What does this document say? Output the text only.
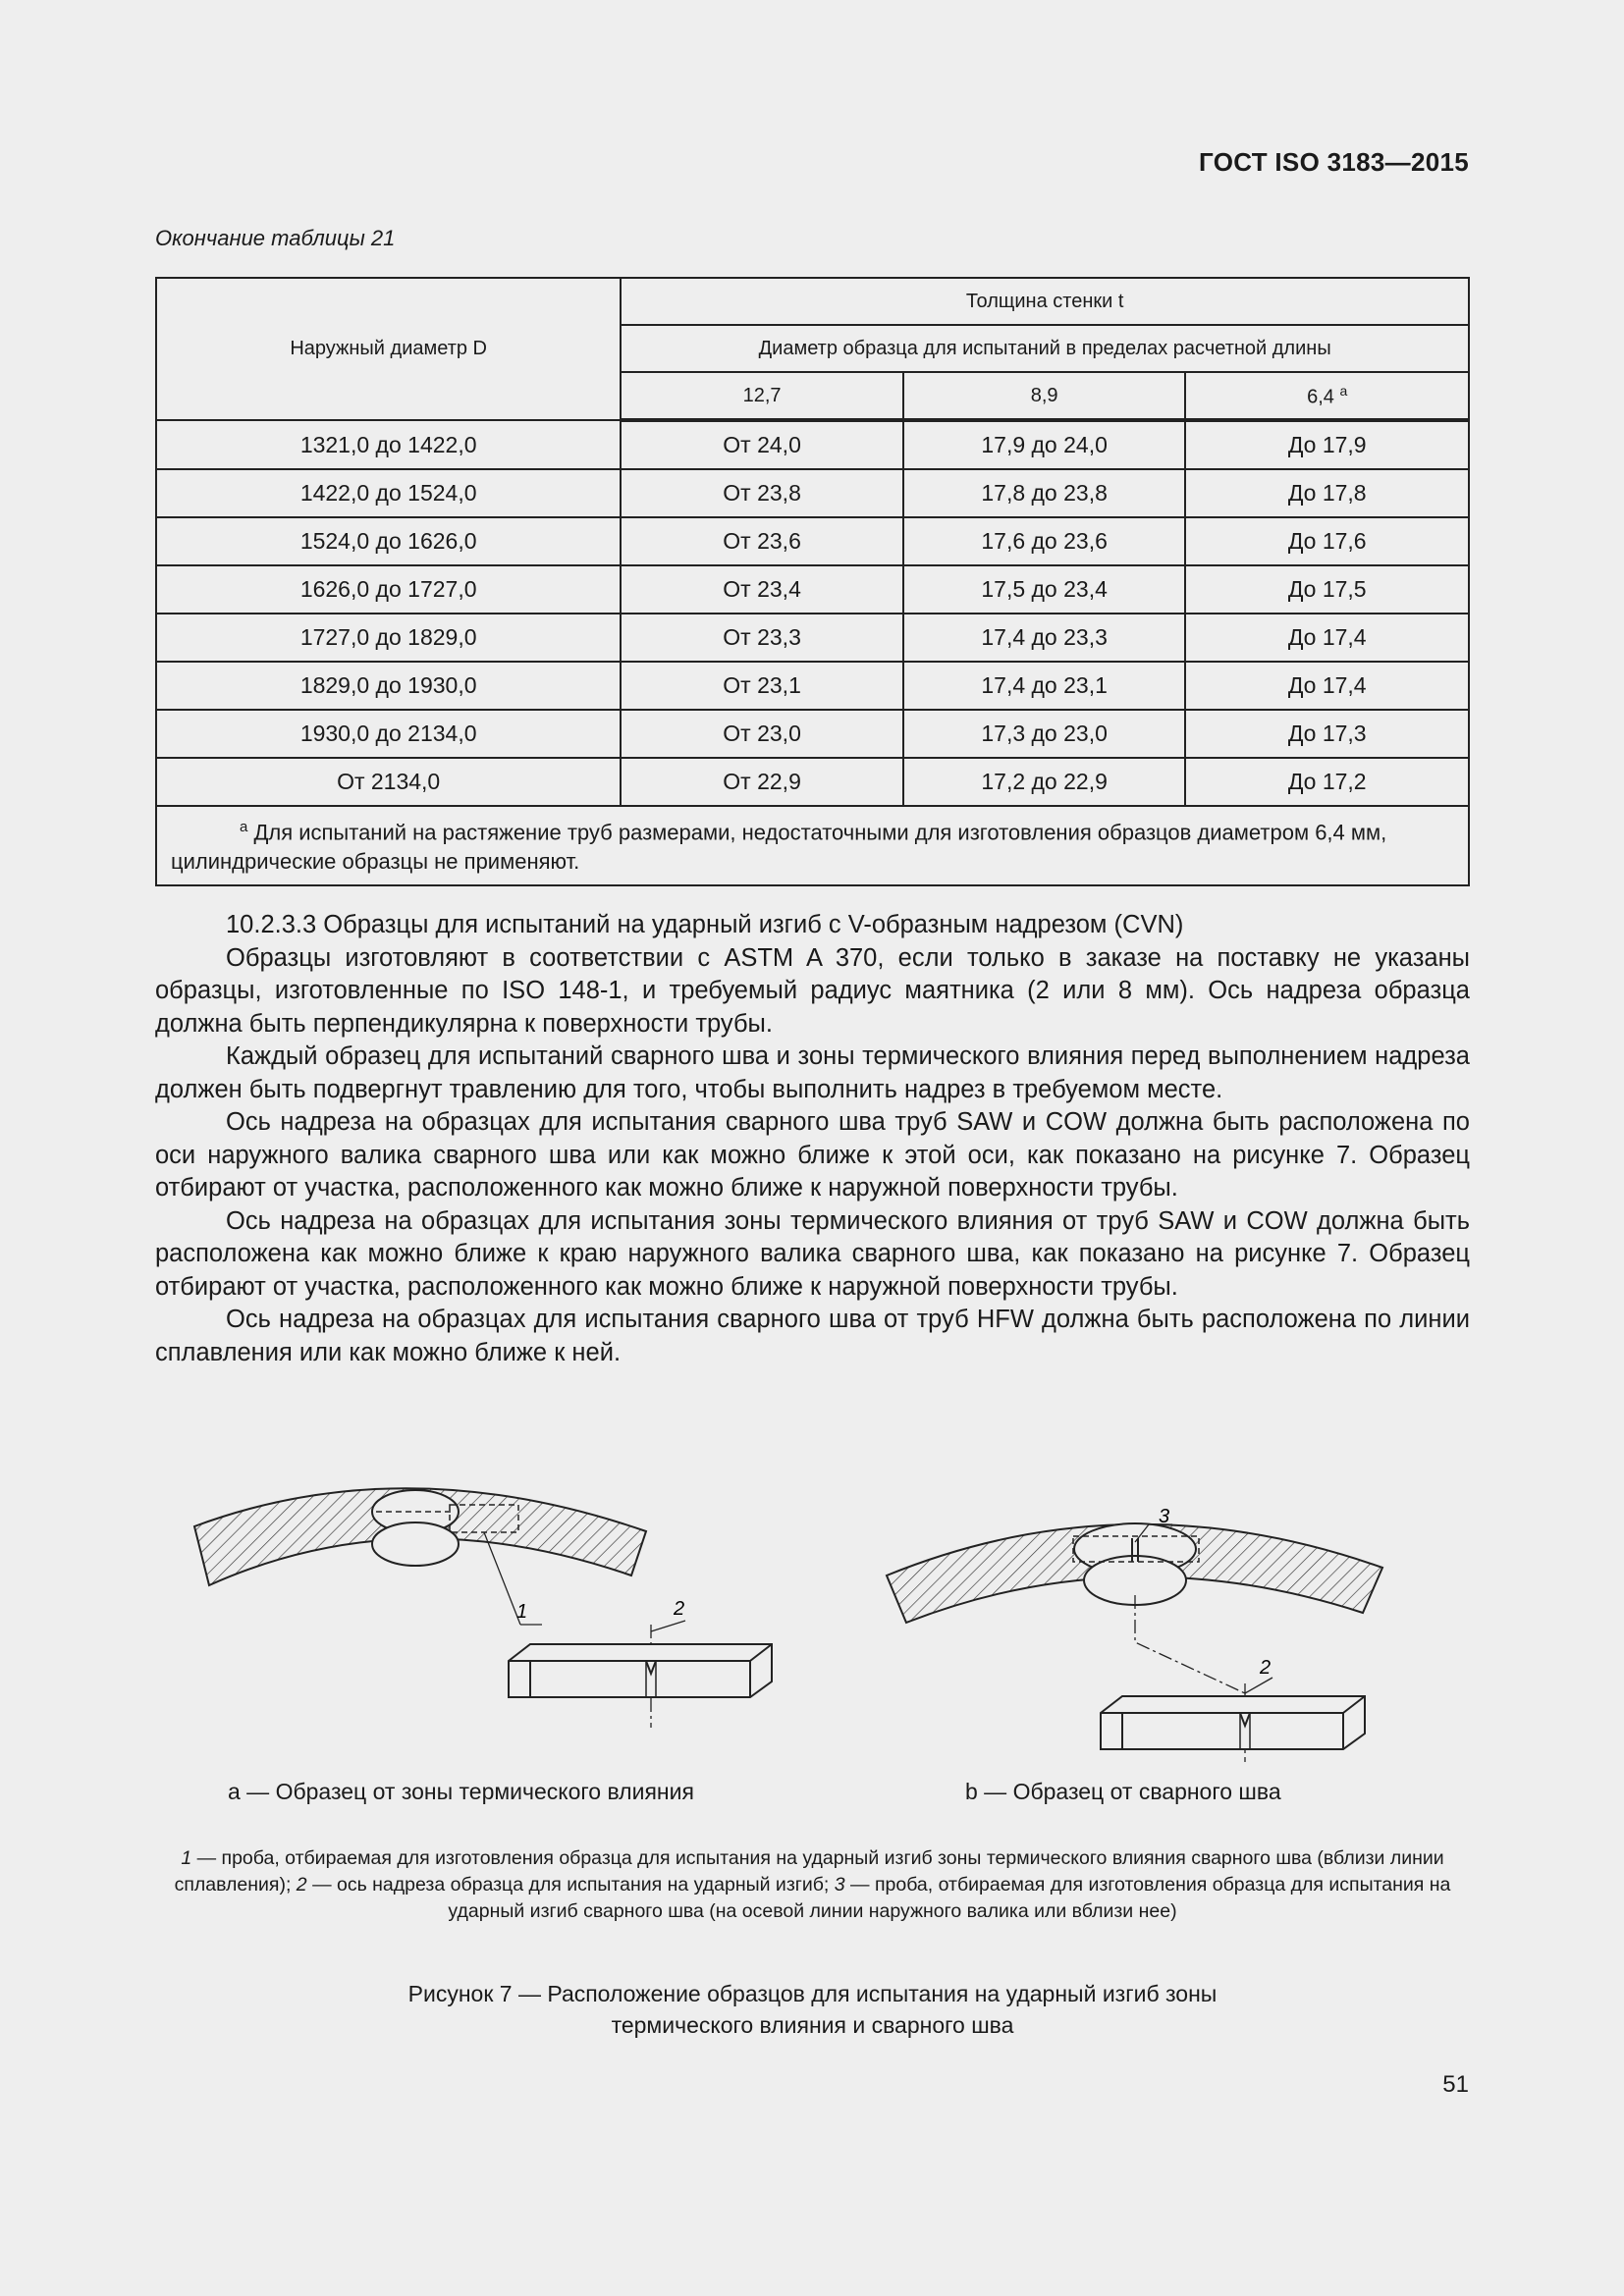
ГОСТ ISO 3183—2015
Окончание таблицы 21
Наружный диаметр D	Толщина стенки t		
	Диаметр образца для испытаний в пределах расчетной длины		
	12,7	8,9	6,4 $^a$
1321,0 до 1422,0	От 24,0	17,9 до 24,0	До 17,9
1422,0 до 1524,0	От 23,8	17,8 до 23,8	До 17,8
1524,0 до 1626,0	От 23,6	17,6 до 23,6	До 17,6
1626,0 до 1727,0	От 23,4	17,5 до 23,4	До 17,5
1727,0 до 1829,0	От 23,3	17,4 до 23,3	До 17,4
1829,0 до 1930,0	От 23,1	17,4 до 23,1	До 17,4
1930,0 до 2134,0	От 23,0	17,3 до 23,0	До 17,3
От 2134,0	От 22,9	17,2 до 22,9	До 17,2
$^a$ Для испытаний на растяжение труб размерами, недостаточными для изготовления образцов диаметром 6,4 мм, цилиндрические образцы не применяют.			

10.2.3.3 Образцы для испытаний на ударный изгиб с V-образным надрезом (CVN)

Образцы изготовляют в соответствии с ASTM A 370, если только в заказе на поставку не указаны образцы, изготовленные по ISO 148-1, и требуемый радиус маятника (2 или 8 мм). Ось надреза образца должна быть перпендикулярна к поверхности трубы.

Каждый образец для испытаний сварного шва и зоны термического влияния перед выполнением надреза должен быть подвергнут травлению для того, чтобы выполнить надрез в требуемом месте.

Ось надреза на образцах для испытания сварного шва труб SAW и COW должна быть расположена по оси наружного валика сварного шва или как можно ближе к этой оси, как показано на рисунке 7. Образец отбирают от участка, расположенного как можно ближе к наружной поверхности трубы.

Ось надреза на образцах для испытания зоны термического влияния от труб SAW и COW должна быть расположена как можно ближе к краю наружного валика сварного шва, как показано на рисунке 7. Образец отбирают от участка, расположенного как можно ближе к наружной поверхности трубы.

Ось надреза на образцах для испытания сварного шва от труб HFW должна быть расположена по линии сплавления или как можно ближе к ней.

1	2
3
2
а — Образец от зоны термического влияния	b — Образец от сварного шва
1 — проба, отбираемая для изготовления образца для испытания на ударный изгиб зоны термического влияния сварного шва (вблизи линии сплавления); 2 — ось надреза образца для испытания на ударный изгиб; 3 — проба, отбираемая для изготовления образца для испытания на ударный изгиб сварного шва (на осевой линии наружного валика или вблизи нее)
Рисунок 7 — Расположение образцов для испытания на ударный изгиб зоны
термического влияния и сварного шва
51
